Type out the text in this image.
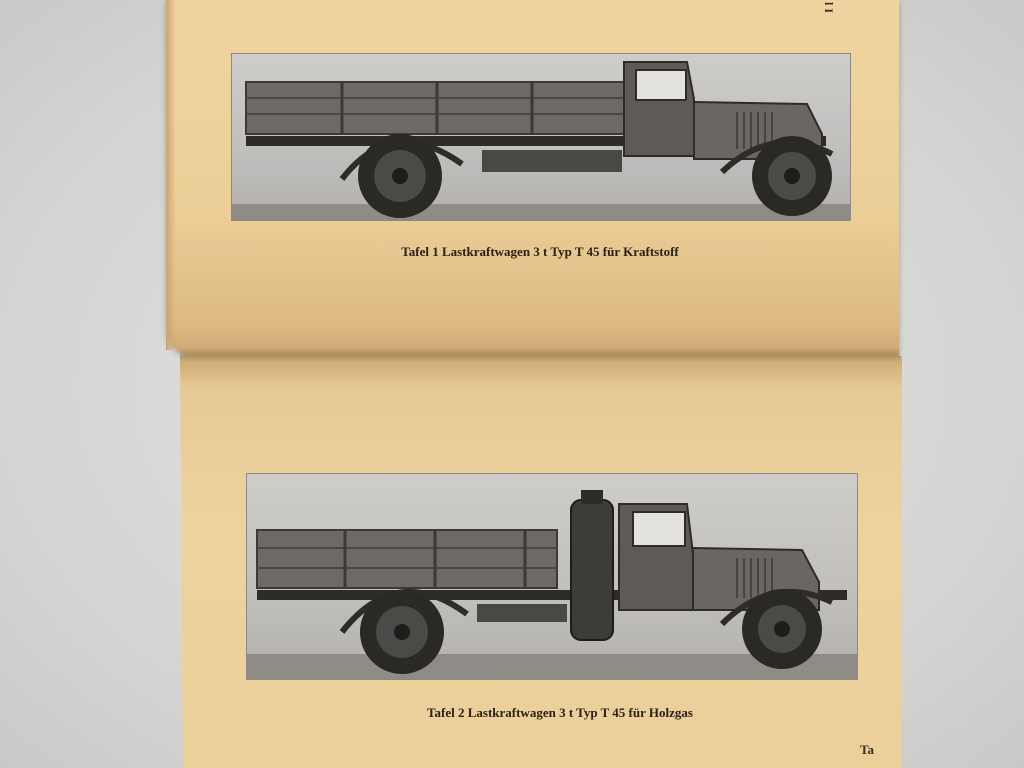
l I
Tafel 1 Lastkraftwagen 3 t Typ T 45 für Kraftstoff
Tafel 2 Lastkraftwagen 3 t Typ T 45 für Holzgas
Ta
